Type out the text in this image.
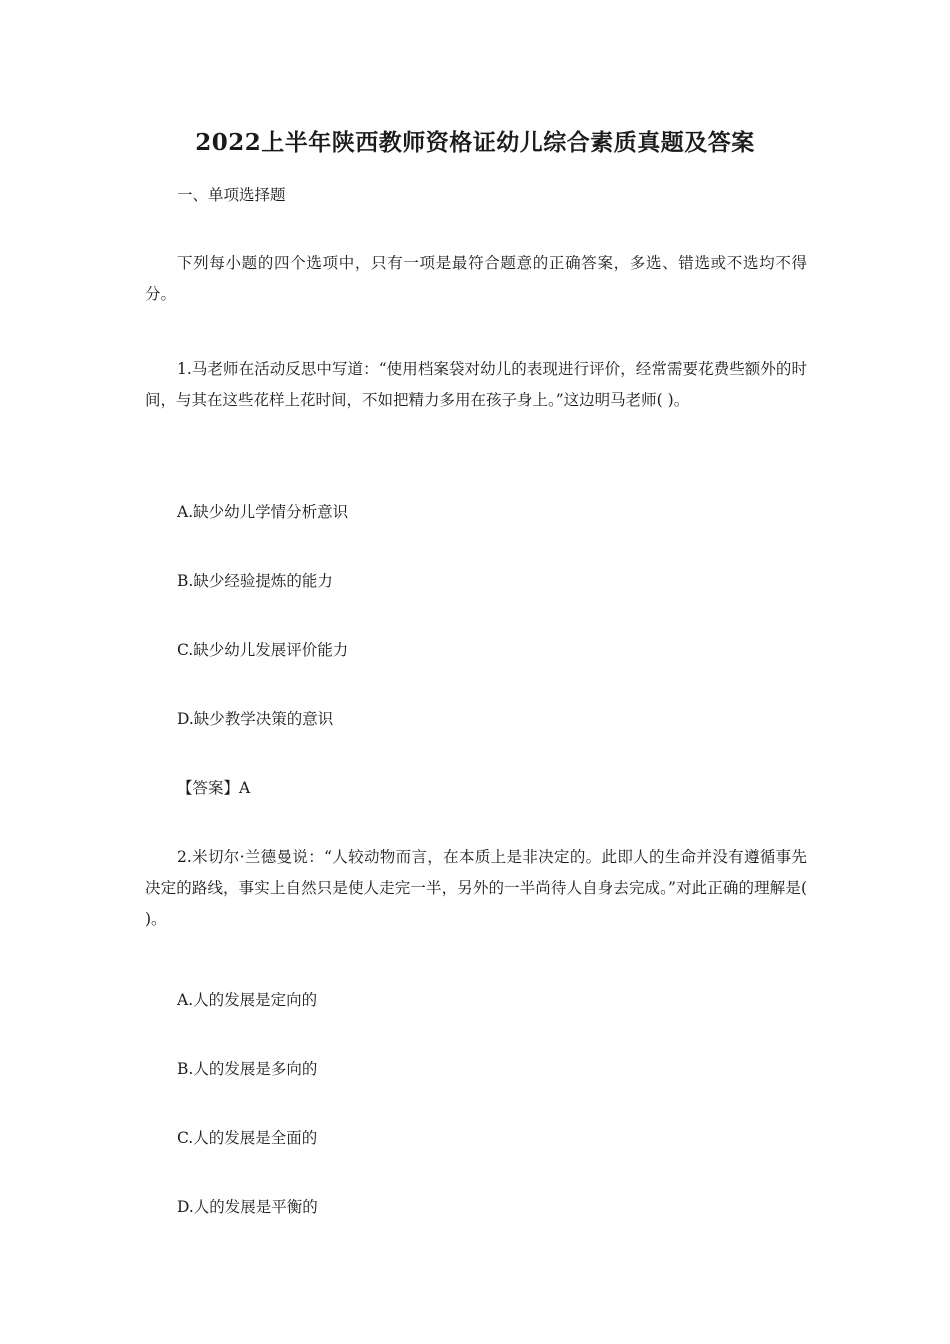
2022上半年陕西教师资格证幼儿综合素质真题及答案

一、单项选择题

下列每小题的四个选项中，只有一项是最符合题意的正确答案，多选、错选或不选均不得分。

1.马老师在活动反思中写道：“使用档案袋对幼儿的表现进行评价，经常需要花费些额外的时间，与其在这些花样上花时间，不如把精力多用在孩子身上。”这边明马老师( )。

A.缺少幼儿学情分析意识

B.缺少经验提炼的能力

C.缺少幼儿发展评价能力

D.缺少教学决策的意识

【答案】A

2.米切尔·兰德曼说：“人较动物而言，在本质上是非决定的。此即人的生命并没有遵循事先决定的路线，事实上自然只是使人走完一半，另外的一半尚待人自身去完成。”对此正确的理解是( )。

A.人的发展是定向的

B.人的发展是多向的

C.人的发展是全面的

D.人的发展是平衡的
